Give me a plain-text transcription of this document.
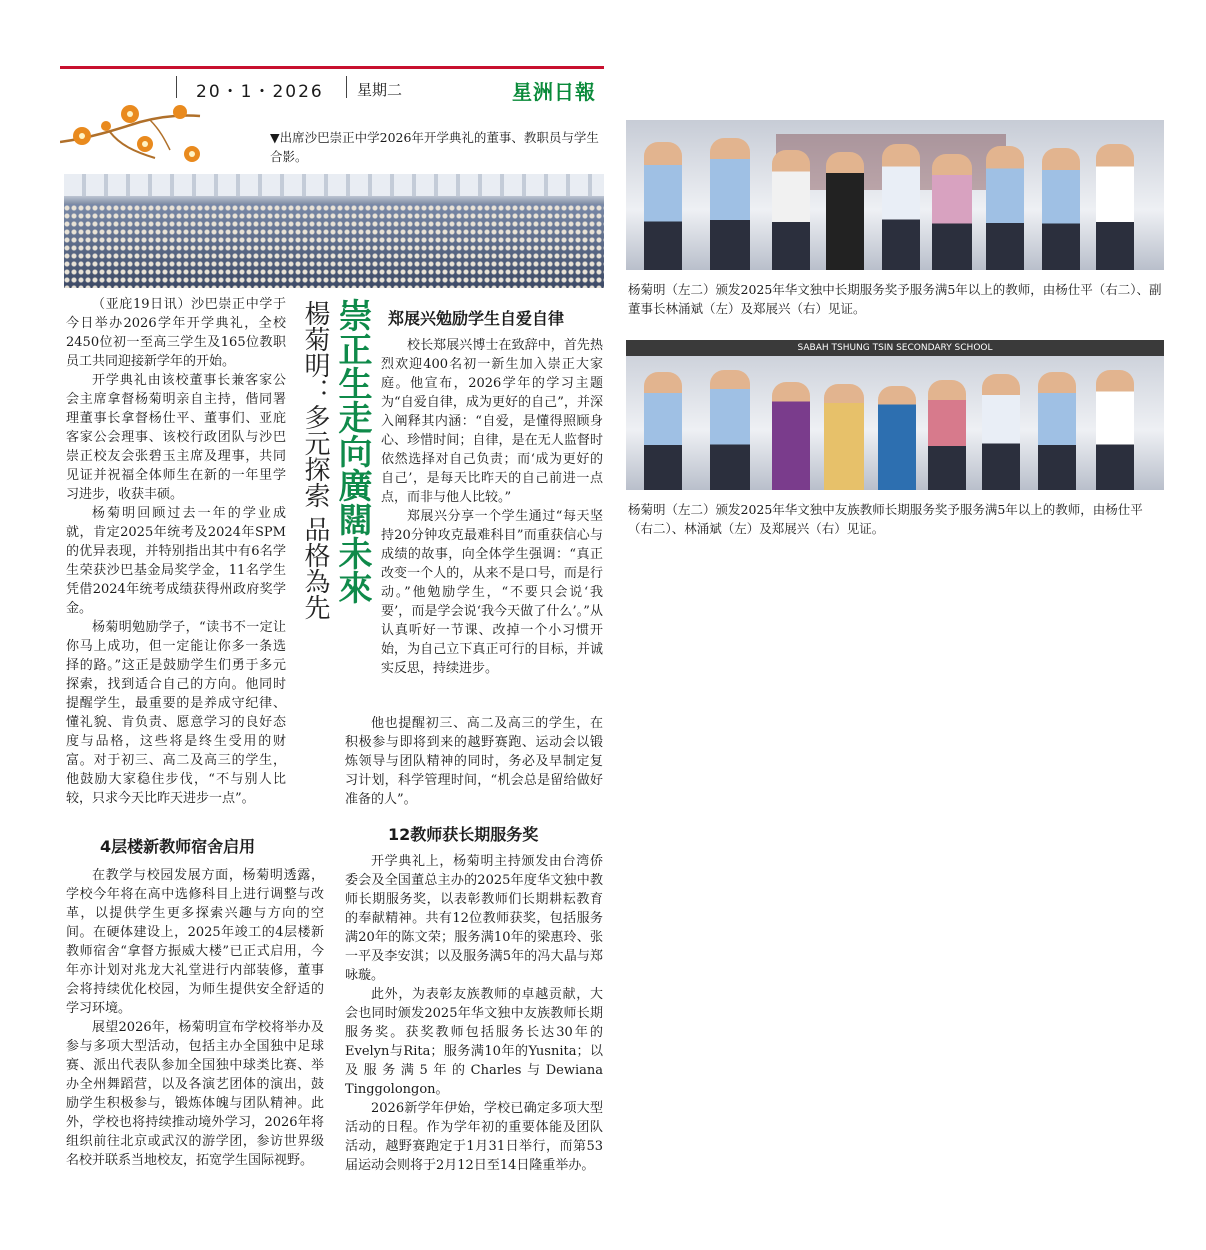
20・1・2026 星期二	星洲日報
▼出席沙巴崇正中学2026年开学典礼的董事、教职员与学生合影。
崇正生走向廣闊未來
楊菊明：多元探索 品格為先

（亚庇19日讯）沙巴崇正中学于今日举办2026学年开学典礼，全校2450位初一至高三学生及165位教职员工共同迎接新学年的开始。

开学典礼由该校董事长兼客家公会主席拿督杨菊明亲自主持，偕同署理董事长拿督杨仕平、董事们、亚庇客家公会理事、该校行政团队与沙巴崇正校友会张碧玉主席及理事，共同见证并祝福全体师生在新的一年里学习进步，收获丰硕。

杨菊明回顾过去一年的学业成就，肯定2025年统考及2024年SPM的优异表现，并特别指出其中有6名学生荣获沙巴基金局奖学金，11名学生凭借2024年统考成绩获得州政府奖学金。

杨菊明勉励学子，“读书不一定让你马上成功，但一定能让你多一条选择的路。”这正是鼓励学生们勇于多元探索，找到适合自己的方向。他同时提醒学生，最重要的是养成守纪律、懂礼貌、肯负责、愿意学习的良好态度与品格，这些将是终生受用的财富。对于初三、高二及高三的学生，他鼓励大家稳住步伐，“不与别人比较，只求今天比昨天进步一点”。

4层楼新教师宿舍启用

在教学与校园发展方面，杨菊明透露，学校今年将在高中选修科目上进行调整与改革，以提供学生更多探索兴趣与方向的空间。在硬体建设上，2025年竣工的4层楼新教师宿舍“拿督方振威大楼”已正式启用，今年亦计划对兆龙大礼堂进行内部装修，董事会将持续优化校园，为师生提供安全舒适的学习环境。

展望2026年，杨菊明宣布学校将举办及参与多项大型活动，包括主办全国独中足球赛、派出代表队参加全国独中球类比赛、举办全州舞蹈营，以及各演艺团体的演出，鼓励学生积极参与，锻炼体魄与团队精神。此外，学校也将持续推动境外学习，2026年将组织前往北京或武汉的游学团，参访世界级名校并联系当地校友，拓宽学生国际视野。

郑展兴勉励学生自爱自律

校长郑展兴博士在致辞中，首先热烈欢迎400名初一新生加入崇正大家庭。他宣布，2026学年的学习主题为“自爱自律，成为更好的自己”，并深入阐释其内涵：“自爱，是懂得照顾身心、珍惜时间；自律，是在无人监督时依然选择对自己负责；而‘成为更好的自己’，是每天比昨天的自己前进一点点，而非与他人比较。”

郑展兴分享一个学生通过“每天坚持20分钟攻克最难科目”而重获信心与成绩的故事，向全体学生强调：“真正改变一个人的，从来不是口号，而是行动。”他勉励学生，“不要只会说‘我要’，而是学会说‘我今天做了什么’。”从认真听好一节课、改掉一个小习惯开始，为自己立下真正可行的目标，并诚实反思，持续进步。

他也提醒初三、高二及高三的学生，在积极参与即将到来的越野赛跑、运动会以锻炼领导与团队精神的同时，务必及早制定复习计划，科学管理时间，“机会总是留给做好准备的人”。

12教师获长期服务奖

开学典礼上，杨菊明主持颁发由台湾侨委会及全国董总主办的2025年度华文独中教师长期服务奖，以表彰教师们长期耕耘教育的奉献精神。共有12位教师获奖，包括服务满20年的陈文荣；服务满10年的梁惠玲、张一平及李安淇；以及服务满5年的冯大晶与郑咏璇。

此外，为表彰友族教师的卓越贡献，大会也同时颁发2025年华文独中友族教师长期服务奖。获奖教师包括服务长达30年的Evelyn与Rita；服务满10年的Yusnita；以及服务满5年的Charles与Dewiana Tinggolongon。

2026新学年伊始，学校已确定多项大型活动的日程。作为学年初的重要体能及团队活动，越野赛跑定于1月31日举行，而第53届运动会则将于2月12日至14日隆重举办。

杨菊明（左二）颁发2025年华文独中长期服务奖予服务满5年以上的教师，由杨仕平（右二）、副董事长林涌斌（左）及郑展兴（右）见证。
SABAH TSHUNG TSIN SECONDARY SCHOOL
杨菊明（左二）颁发2025年华文独中友族教师长期服务奖予服务满5年以上的教师，由杨仕平（右二）、林涌斌（左）及郑展兴（右）见证。
